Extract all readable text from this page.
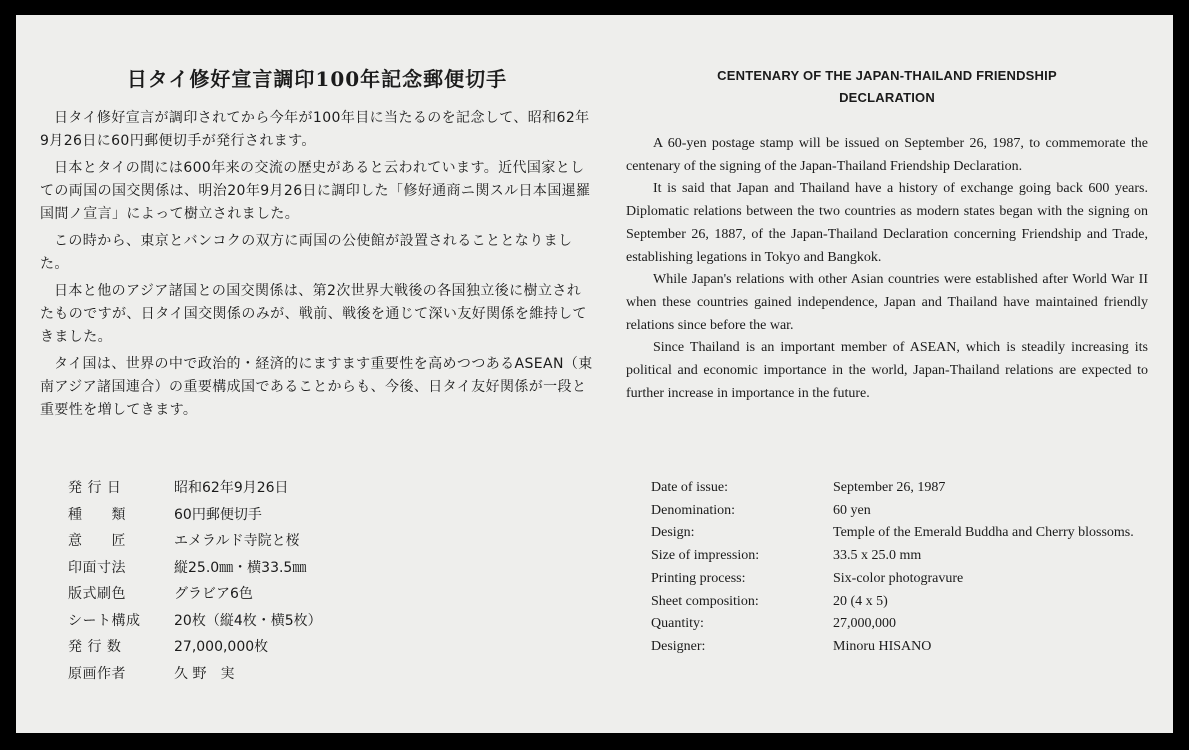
日タイ修好宣言調印100年記念郵便切手

日タイ修好宣言が調印されてから今年が100年目に当たるのを記念して、昭和62年9月26日に60円郵便切手が発行されます。

日本とタイの間には600年来の交流の歴史があると云われています。近代国家としての両国の国交関係は、明治20年9月26日に調印した「修好通商ニ関スル日本国暹羅国間ノ宣言」によって樹立されました。

この時から、東京とバンコクの双方に両国の公使館が設置されることとなりました。

日本と他のアジア諸国との国交関係は、第2次世界大戦後の各国独立後に樹立されたものですが、日タイ国交関係のみが、戦前、戦後を通じて深い友好関係を維持してきました。

タイ国は、世界の中で政治的・経済的にますます重要性を高めつつあるASEAN（東南アジア諸国連合）の重要構成国であることからも、今後、日タイ友好関係が一段と重要性を増してきます。

発 行 日	昭和62年9月26日
種　　類	60円郵便切手
意　　匠	エメラルド寺院と桜
印面寸法	縦25.0㎜・横33.5㎜
版式刷色	グラビア6色
シート構成	20枚（縦4枚・横5枚）
発 行 数	27,000,000枚
原画作者	久 野　実
CENTENARY OF THE JAPAN-THAILAND FRIENDSHIP
DECLARATION

A 60-yen postage stamp will be issued on September 26, 1987, to commemorate the centenary of the signing of the Japan-Thailand Friendship Declaration.

It is said that Japan and Thailand have a history of exchange going back 600 years. Diplomatic relations between the two countries as modern states began with the signing on September 26, 1887, of the Japan-Thailand Declaration concerning Friendship and Trade, establishing legations in Tokyo and Bangkok.

While Japan's relations with other Asian countries were established after World War II when these countries gained independence, Japan and Thailand have maintained friendly relations since before the war.

Since Thailand is an important member of ASEAN, which is steadily increasing its political and economic importance in the world, Japan-Thailand relations are expected to further increase in importance in the future.

Date of issue:	September 26, 1987
Denomination:	60 yen
Design:	Temple of the Emerald Buddha and Cherry blossoms.
Size of impression:	33.5 x 25.0 mm
Printing process:	Six-color photogravure
Sheet composition:	20 (4 x 5)
Quantity:	27,000,000
Designer:	Minoru HISANO
